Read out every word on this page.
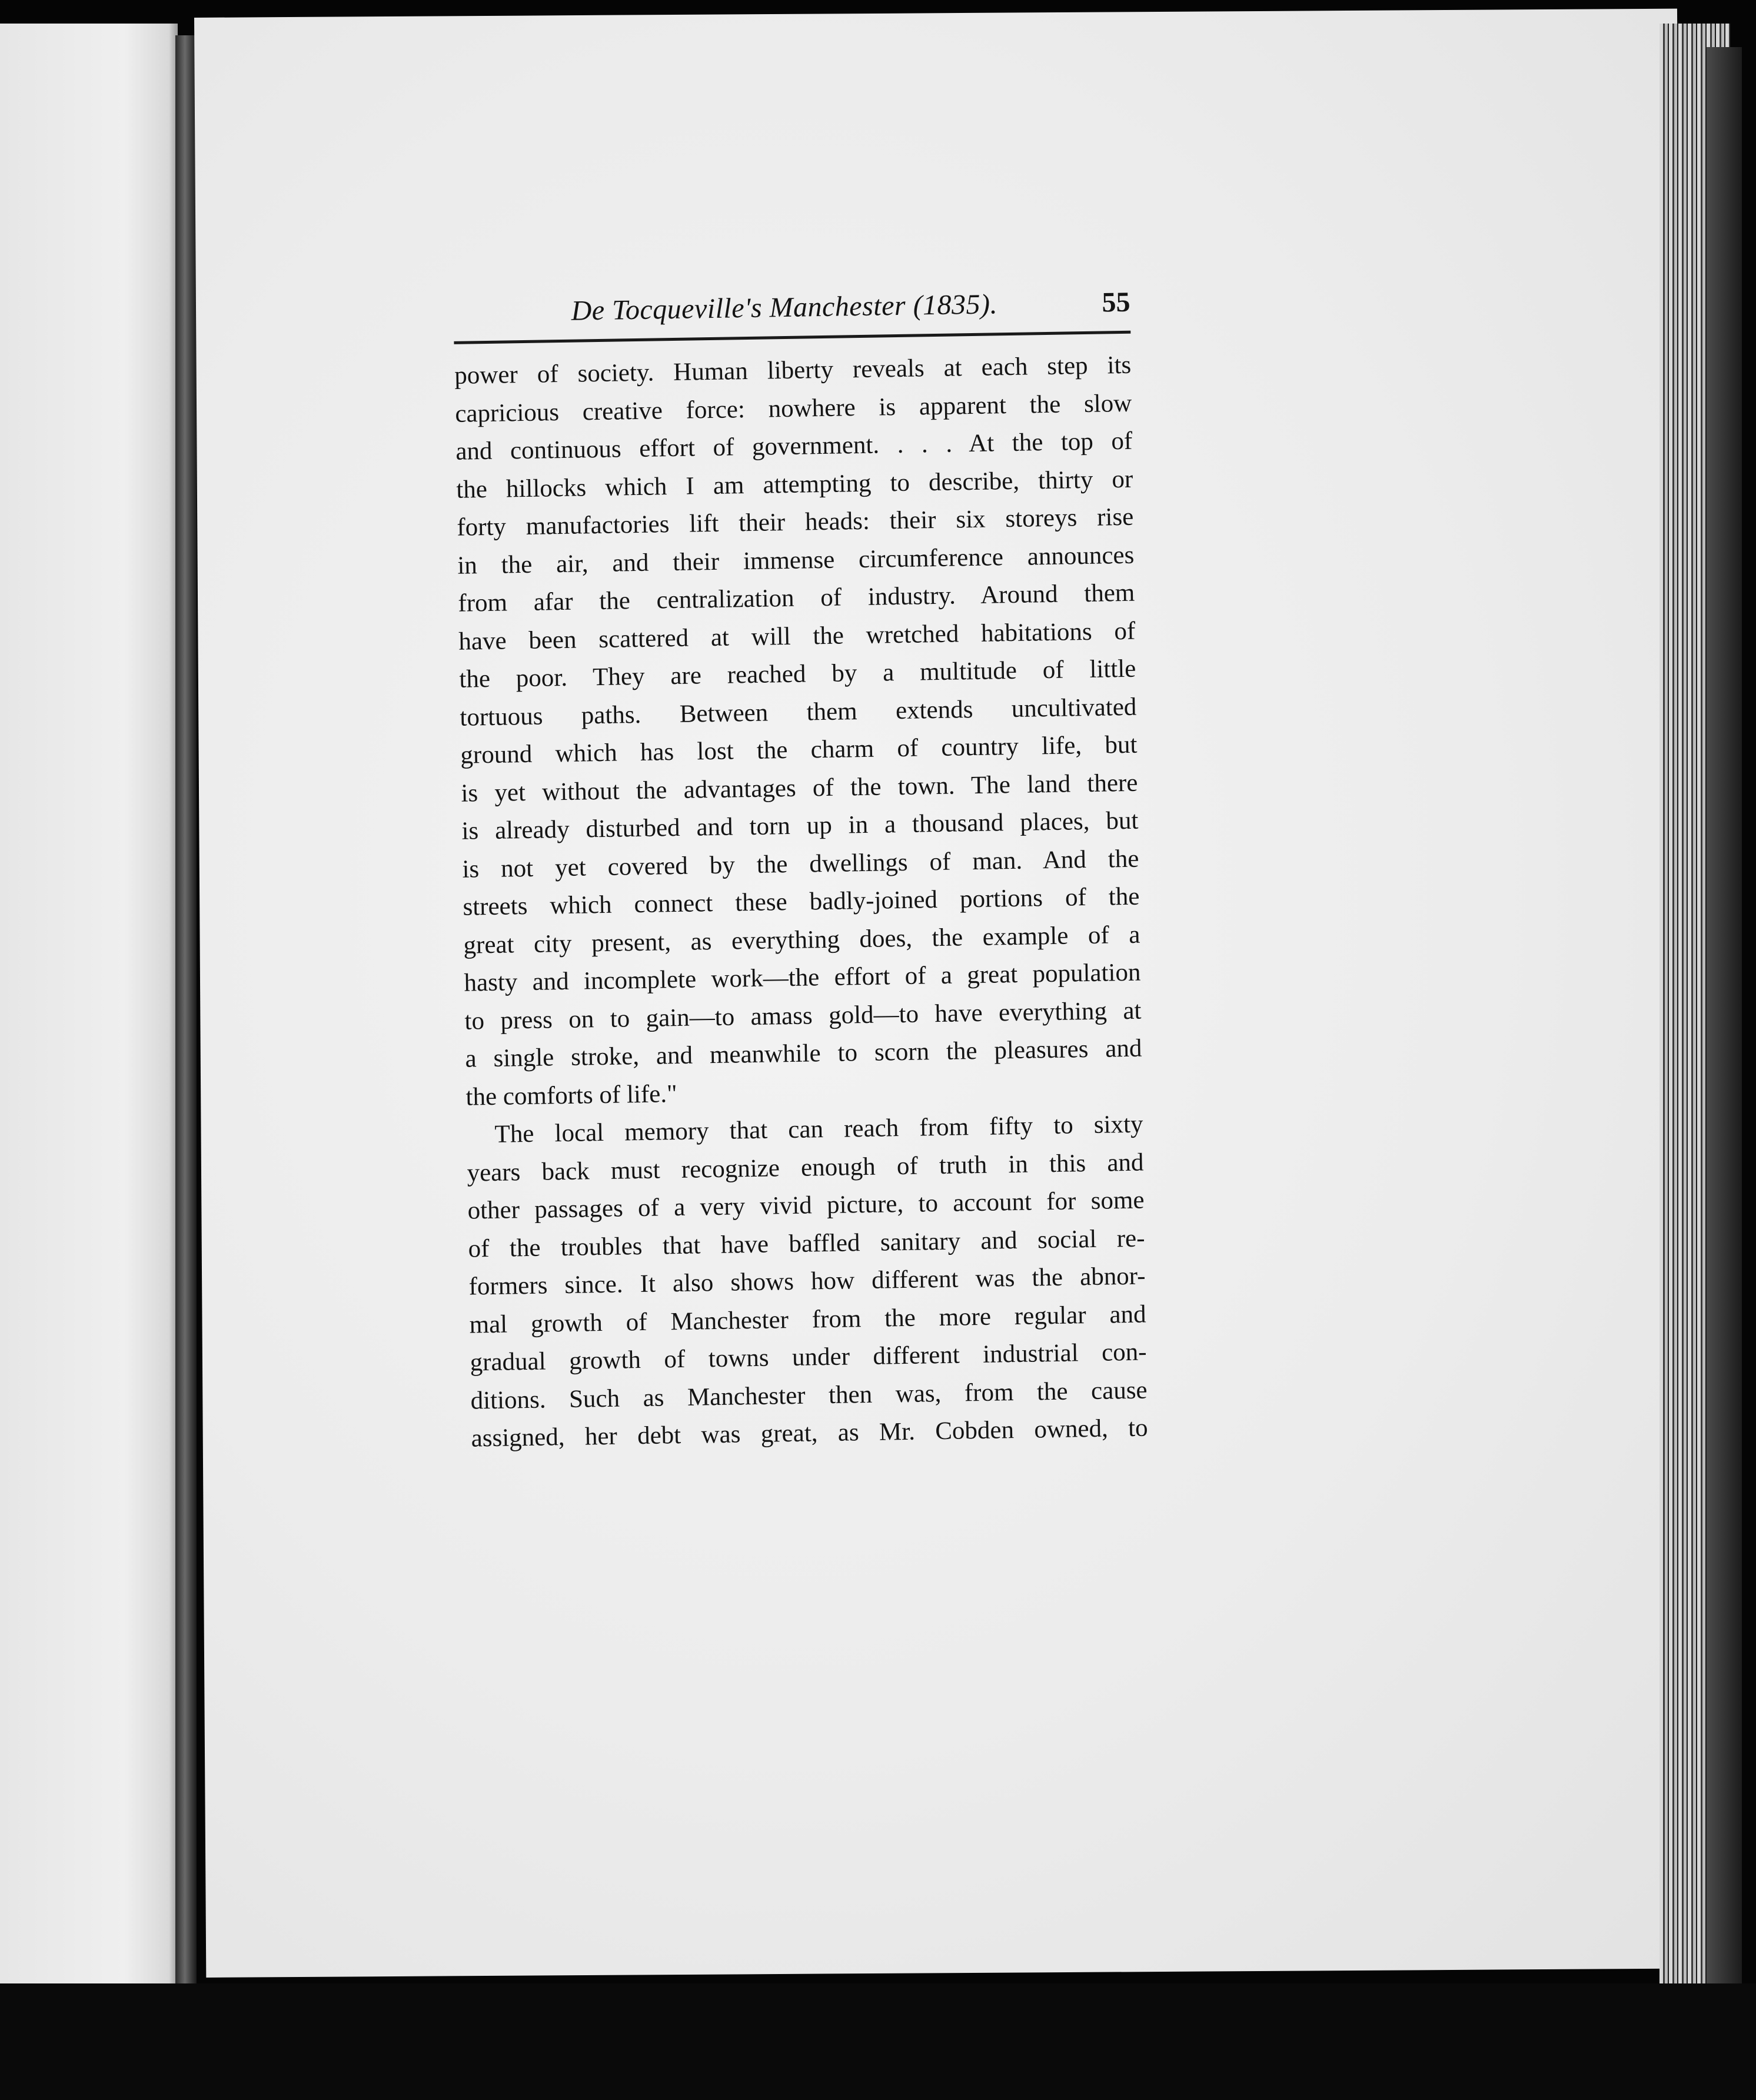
De Tocqueville's Manchester (1835).	55
power of society. Human liberty reveals at each step its
capricious creative force: nowhere is apparent the slow
and continuous effort of government. . . . At the top of
the hillocks which I am attempting to describe, thirty or
forty manufactories lift their heads: their six storeys rise
in the air, and their immense circumference announces
from afar the centralization of industry. Around them
have been scattered at will the wretched habitations of
the poor. They are reached by a multitude of little
tortuous paths. Between them extends uncultivated
ground which has lost the charm of country life, but
is yet without the advantages of the town. The land there
is already disturbed and torn up in a thousand places, but
is not yet covered by the dwellings of man. And the
streets which connect these badly-joined portions of the
great city present, as everything does, the example of a
hasty and incomplete work—the effort of a great population
to press on to gain—to amass gold—to have everything at
a single stroke, and meanwhile to scorn the pleasures and
the comforts of life."
The local memory that can reach from fifty to sixty
years back must recognize enough of truth in this and
other passages of a very vivid picture, to account for some
of the troubles that have baffled sanitary and social re-
formers since. It also shows how different was the abnor-
mal growth of Manchester from the more regular and
gradual growth of towns under different industrial con-
ditions. Such as Manchester then was, from the cause
assigned, her debt was great, as Mr. Cobden owned, to
